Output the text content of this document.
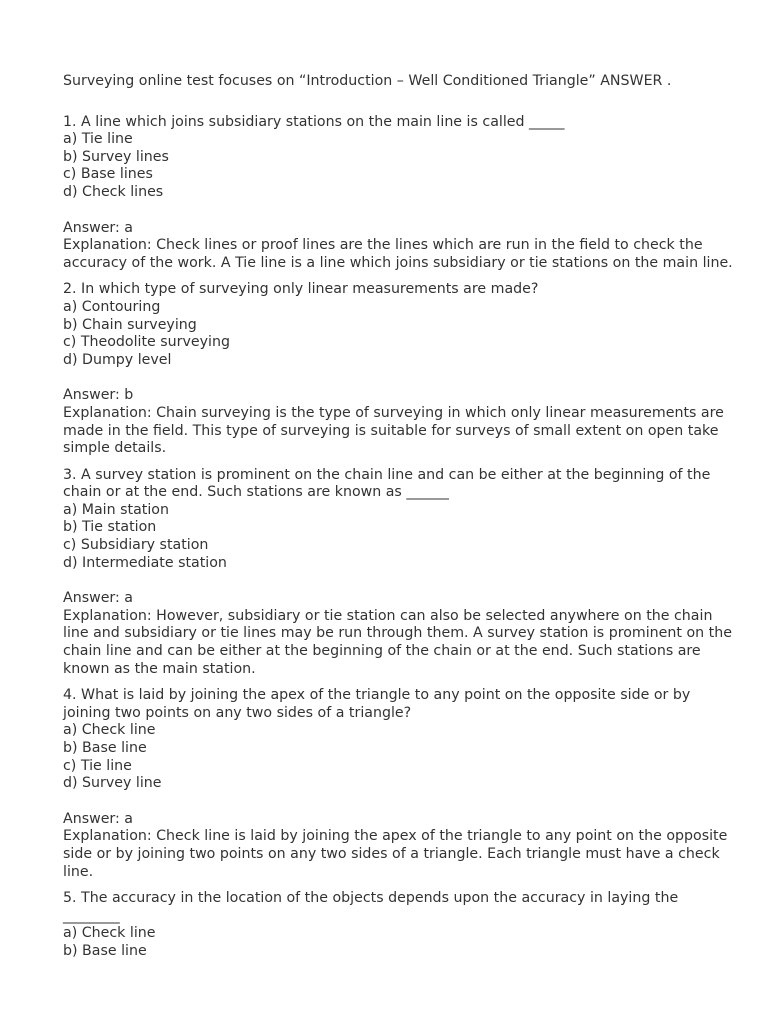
Surveying online test focuses on “Introduction – Well Conditioned Triangle” ANSWER .

1. A line which joins subsidiary stations on the main line is called _____

a) Tie line

b) Survey lines

c) Base lines

d) Check lines

Answer: a

Explanation: Check lines or proof lines are the lines which are run in the field to check the accuracy of the work. A Tie line is a line which joins subsidiary or tie stations on the main line.

2. In which type of surveying only linear measurements are made?

a) Contouring

b) Chain surveying

c) Theodolite surveying

d) Dumpy level

Answer: b

Explanation: Chain surveying is the type of surveying in which only linear measurements are made in the field. This type of surveying is suitable for surveys of small extent on open take simple details.

3. A survey station is prominent on the chain line and can be either at the beginning of the chain or at the end. Such stations are known as ______

a) Main station

b) Tie station

c) Subsidiary station

d) Intermediate station

Answer: a

Explanation: However, subsidiary or tie station can also be selected anywhere on the chain line and subsidiary or tie lines may be run through them. A survey station is prominent on the chain line and can be either at the beginning of the chain or at the end. Such stations are known as the main station.

4. What is laid by joining the apex of the triangle to any point on the opposite side or by joining two points on any two sides of a triangle?

a) Check line

b) Base line

c) Tie line

d) Survey line

Answer: a

Explanation: Check line is laid by joining the apex of the triangle to any point on the opposite side or by joining two points on any two sides of a triangle. Each triangle must have a check line.

5. The accuracy in the location of the objects depends upon the accuracy in laying the ________

a) Check line

b) Base line
